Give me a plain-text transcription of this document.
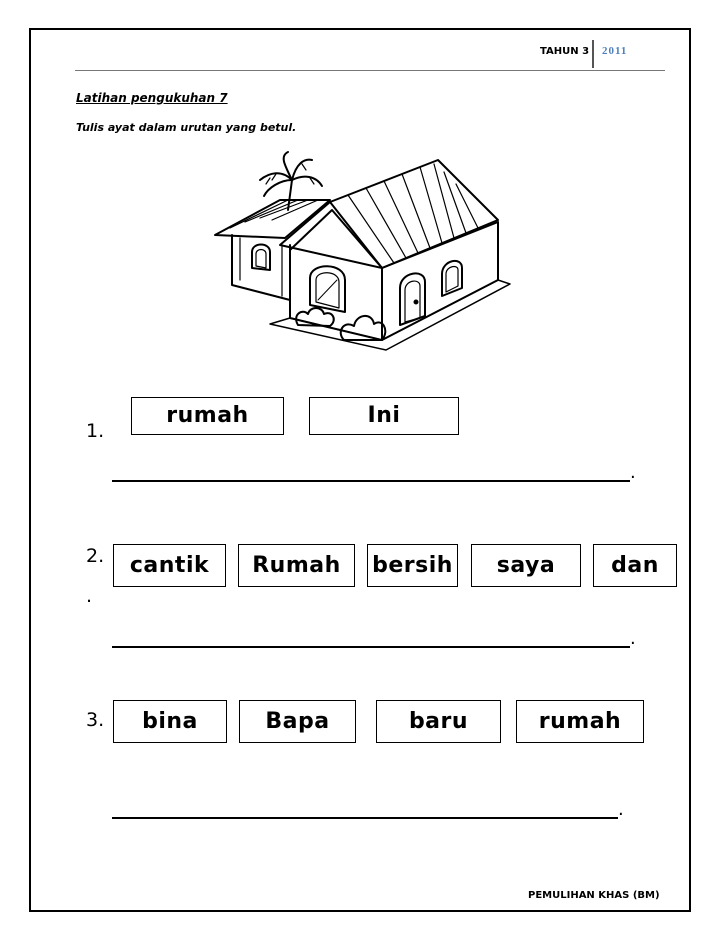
TAHUN 3 2011
Latihan pengukuhan 7
Tulis ayat dalam urutan yang betul.
1.
rumah	Ini
.
2.
.
cantik	Rumah	bersih	saya	dan
.
3.	bina	Bapa	baru	rumah
.
PEMULIHAN KHAS (BM)
